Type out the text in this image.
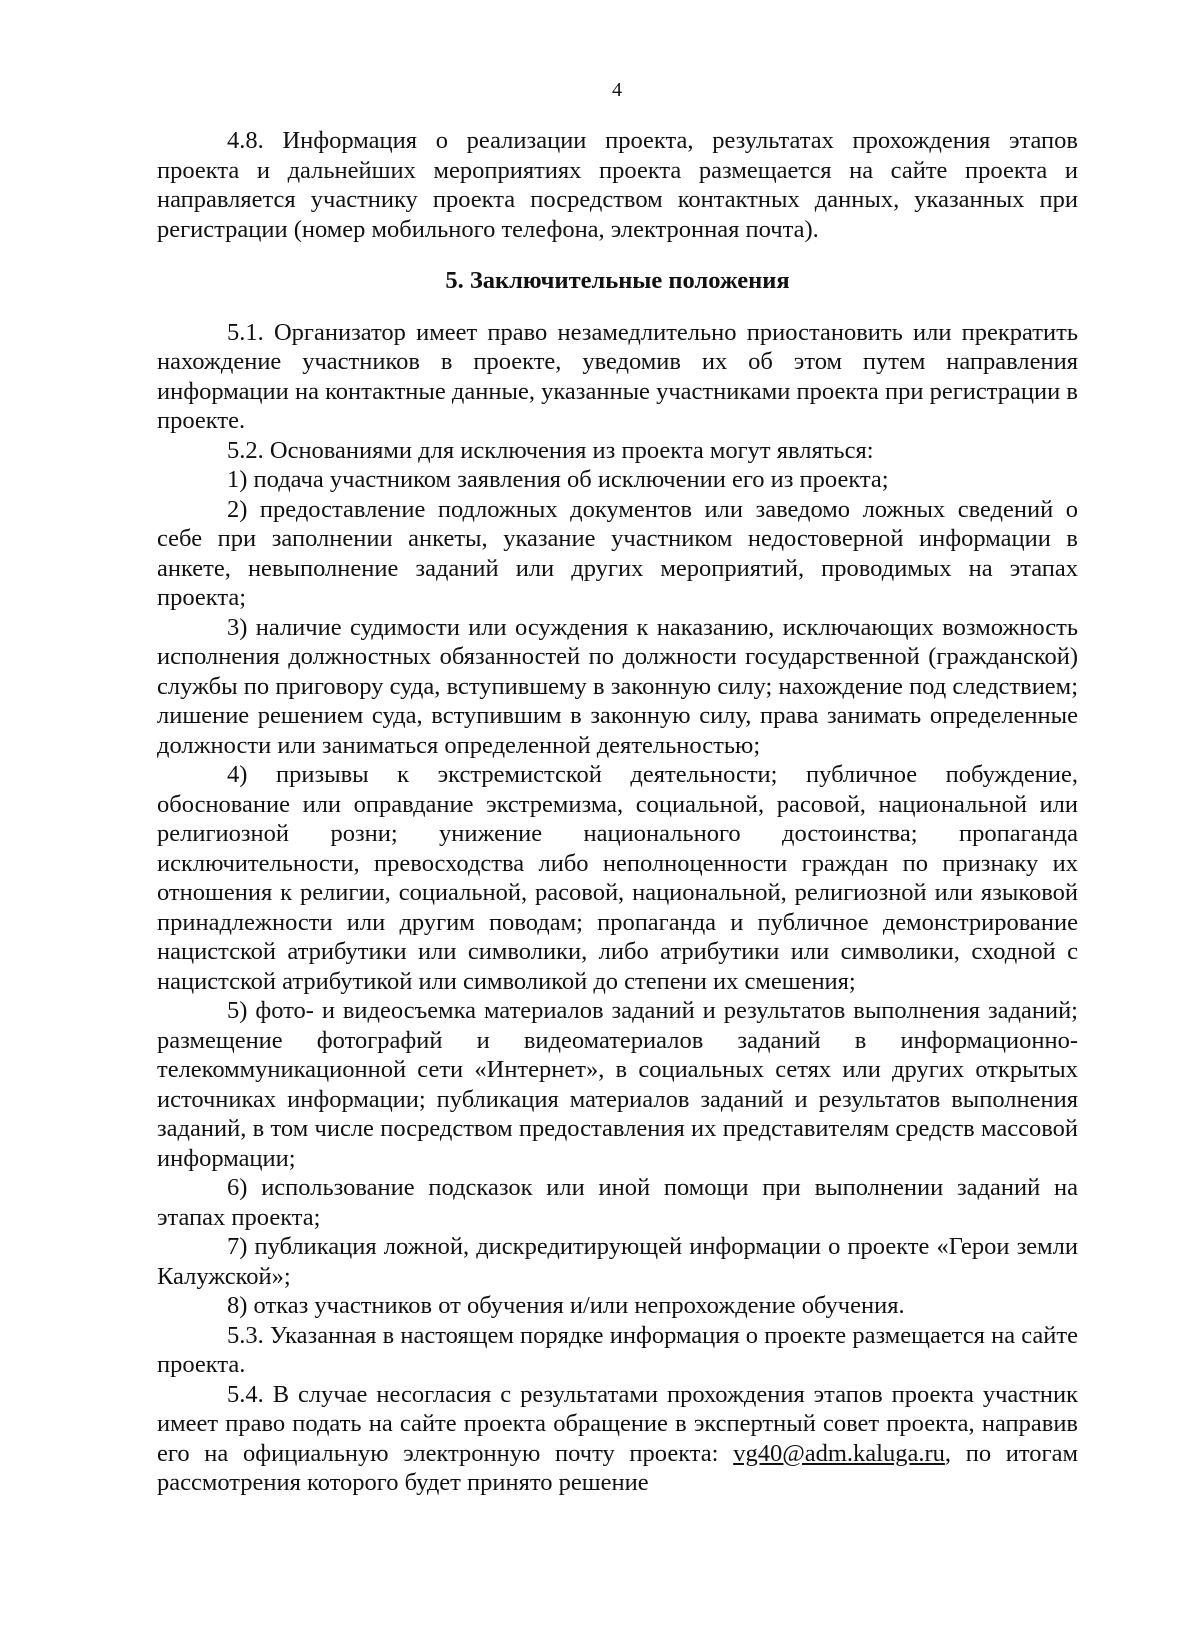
4

4.8. Информация о реализации проекта, результатах прохождения этапов проекта и дальнейших мероприятиях проекта размещается на сайте проекта и направляется участнику проекта посредством контактных данных, указанных при регистрации (номер мобильного телефона, электронная почта).

5. Заключительные положения

5.1. Организатор имеет право незамедлительно приостановить или прекратить нахождение участников в проекте, уведомив их об этом путем направления информации на контактные данные, указанные участниками проекта при регистрации в проекте.

5.2. Основаниями для исключения из проекта могут являться:

1) подача участником заявления об исключении его из проекта;

2) предоставление подложных документов или заведомо ложных сведений о себе при заполнении анкеты, указание участником недостоверной информации в анкете, невыполнение заданий или других мероприятий, проводимых на этапах проекта;

3) наличие судимости или осуждения к наказанию, исключающих возможность исполнения должностных обязанностей по должности государственной (гражданской) службы по приговору суда, вступившему в законную силу; нахождение под следствием; лишение решением суда, вступившим в законную силу, права занимать определенные должности или заниматься определенной деятельностью;

4) призывы к экстремистской деятельности; публичное побуждение, обоснование или оправдание экстремизма, социальной, расовой, национальной или религиозной розни; унижение национального достоинства; пропаганда исключительности, превосходства либо неполноценности граждан по признаку их отношения к религии, социальной, расовой, национальной, религиозной или языковой принадлежности или другим поводам; пропаганда и публичное демонстрирование нацистской атрибутики или символики, либо атрибутики или символики, сходной с нацистской атрибутикой или символикой до степени их смешения;

5) фото- и видеосъемка материалов заданий и результатов выполнения заданий; размещение фотографий и видеоматериалов заданий в информационно-телекоммуникационной сети «Интернет», в социальных сетях или других открытых источниках информации; публикация материалов заданий и результатов выполнения заданий, в том числе посредством предоставления их представителям средств массовой информации;

6) использование подсказок или иной помощи при выполнении заданий на этапах проекта;

7) публикация ложной, дискредитирующей информации о проекте «Герои земли Калужской»;

8) отказ участников от обучения и/или непрохождение обучения.

5.3. Указанная в настоящем порядке информация о проекте размещается на сайте проекта.

5.4. В случае несогласия с результатами прохождения этапов проекта участник имеет право подать на сайте проекта обращение в экспертный совет проекта, направив его на официальную электронную почту проекта: vg40@adm.kaluga.ru, по итогам рассмотрения которого будет принято решение
